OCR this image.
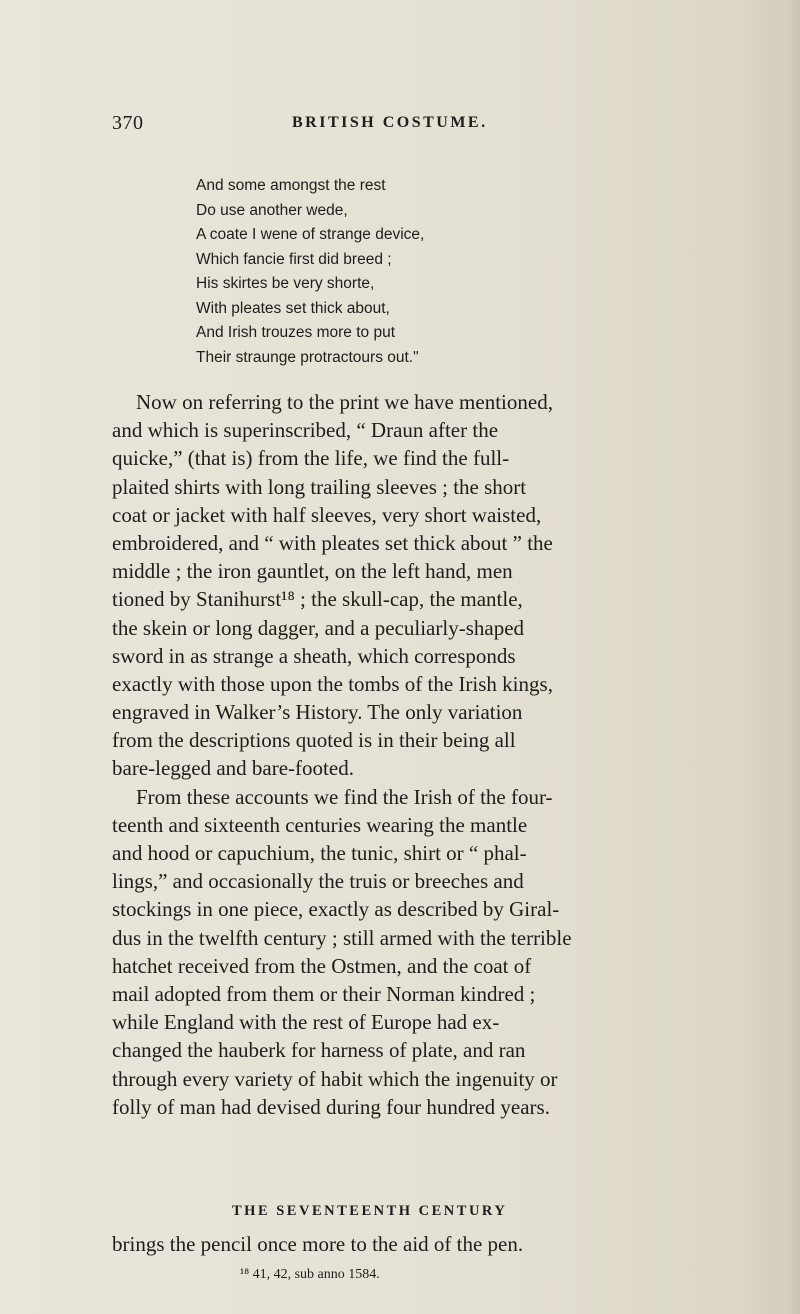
370	BRITISH COSTUME.
And some amongst the rest
Do use another wede,
A coate I wene of strange device,
Which fancie first did breed ;
His skirtes be very shorte,
With pleates set thick about,
And Irish trouzes more to put
Their straunge protractours out."
Now on referring to the print we have mentioned,
and which is superinscribed, “ Draun after the
quicke,” (that is) from the life, we find the full-
plaited shirts with long trailing sleeves ; the short
coat or jacket with half sleeves, very short waisted,
embroidered, and “ with pleates set thick about ” the
middle ; the iron gauntlet, on the left hand, men
tioned by Stanihurst¹⁸ ; the skull-cap, the mantle,
the skein or long dagger, and a peculiarly-shaped
sword in as strange a sheath, which corresponds
exactly with those upon the tombs of the Irish kings,
engraved in Walker’s History. The only variation
from the descriptions quoted is in their being all
bare-legged and bare-footed.
From these accounts we find the Irish of the four-
teenth and sixteenth centuries wearing the mantle
and hood or capuchium, the tunic, shirt or “ phal-
lings,” and occasionally the truis or breeches and
stockings in one piece, exactly as described by Giral-
dus in the twelfth century ; still armed with the terrible
hatchet received from the Ostmen, and the coat of
mail adopted from them or their Norman kindred ;
while England with the rest of Europe had ex-
changed the hauberk for harness of plate, and ran
through every variety of habit which the ingenuity or
folly of man had devised during four hundred years.
THE SEVENTEENTH CENTURY
brings the pencil once more to the aid of the pen.
¹⁸ 41, 42, sub anno 1584.
